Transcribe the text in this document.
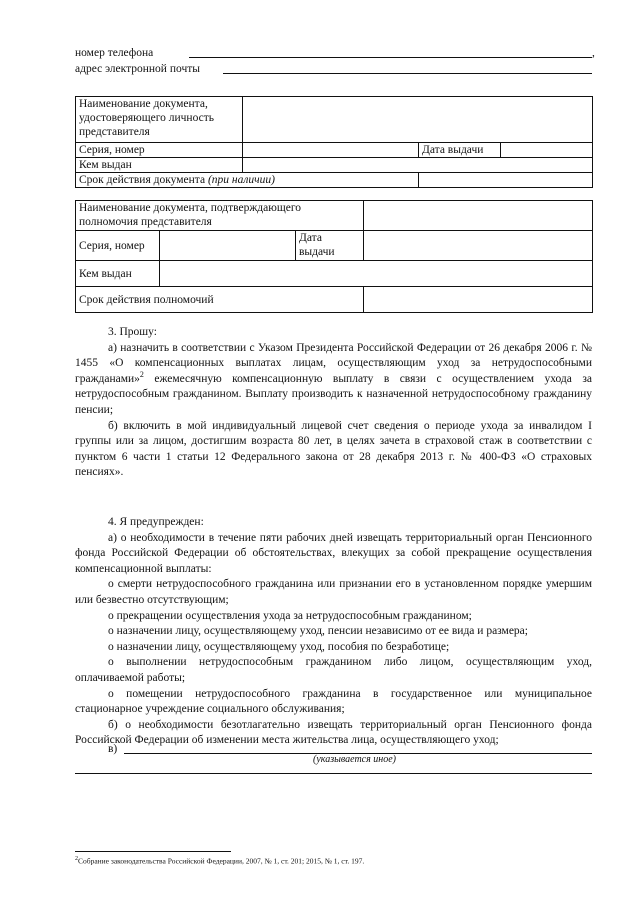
номер телефона	,
адрес электронной почты
Наименование документа, удостоверяющего личность представителя			
Серия, номер		Дата выдачи	
Кем выдан			
Срок действия документа (при наличии)			
Наименование документа, подтверждающего полномочия представителя			
Серия, номер		Дата выдачи	
Кем выдан			
Срок действия полномочий			

3. Прошу:

а) назначить в соответствии с Указом Президента Российской Федерации от 26 декабря 2006 г. № 1455 «О компенсационных выплатах лицам, осуществляющим уход за нетрудоспособными гражданами»$^2$ ежемесячную компенсационную выплату в связи с осуществлением ухода за нетрудоспособным гражданином. Выплату производить к назначенной нетрудоспособному гражданину пенсии;

б) включить в мой индивидуальный лицевой счет сведения о периоде ухода за инвалидом I группы или за лицом, достигшим возраста 80 лет, в целях зачета в страховой стаж в соответствии с пунктом 6 части 1 статьи 12 Федерального закона от 28 декабря 2013 г. № 400-ФЗ «О страховых пенсиях».

4. Я предупрежден:

а) о необходимости в течение пяти рабочих дней извещать территориальный орган Пенсионного фонда Российской Федерации об обстоятельствах, влекущих за собой прекращение осуществления компенсационной выплаты:

о смерти нетрудоспособного гражданина или признании его в установленном порядке умершим или безвестно отсутствующим;

о прекращении осуществления ухода за нетрудоспособным гражданином;

о назначении лицу, осуществляющему уход, пенсии независимо от ее вида и размера;

о назначении лицу, осуществляющему уход, пособия по безработице;

о выполнении нетрудоспособным гражданином либо лицом, осуществляющим уход, оплачиваемой работы;

о помещении нетрудоспособного гражданина в государственное или муниципальное стационарное учреждение социального обслуживания;

б) о необходимости безотлагательно извещать территориальный орган Пенсионного фонда Российской Федерации об изменении места жительства лица, осуществляющего уход;

в)
(указывается иное)
$^2$Собрание законодательства Российской Федерации, 2007, № 1, ст. 201; 2015, № 1, ст. 197.
